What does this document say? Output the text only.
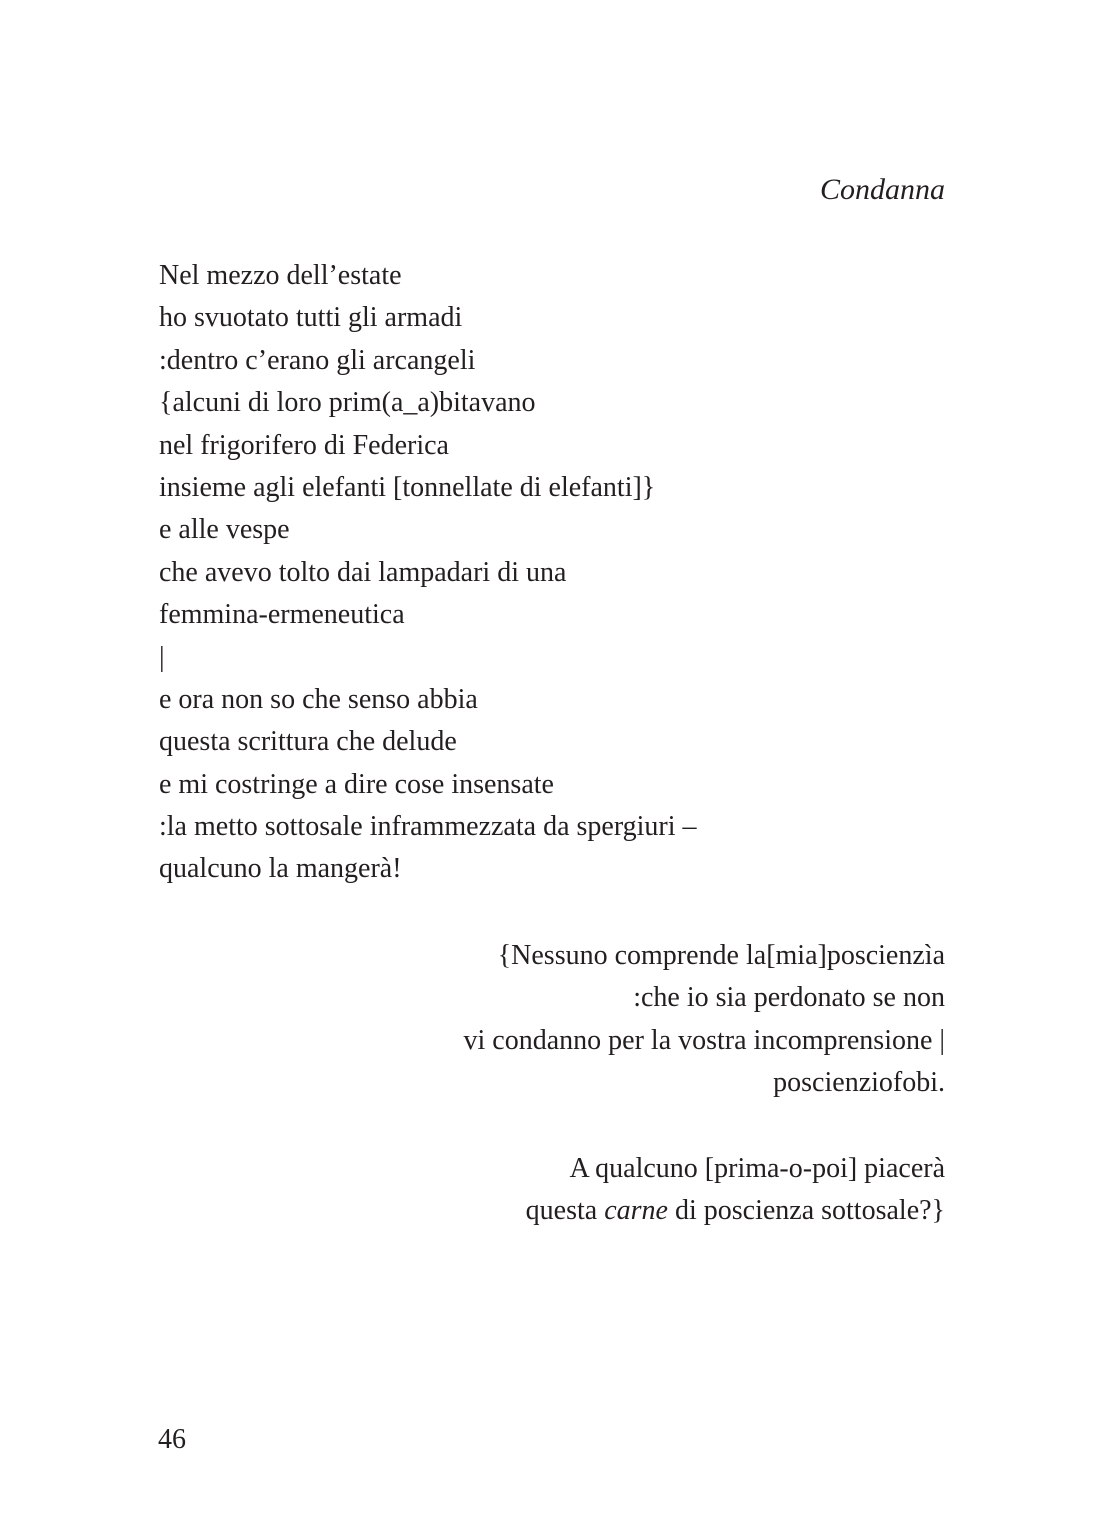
Condanna
Nel mezzo dell’estate
ho svuotato tutti gli armadi
:dentro c’erano gli arcangeli
{alcuni di loro prim(a_a)bitavano
nel frigorifero di Federica
insieme agli elefanti [tonnellate di elefanti]}
e alle vespe
che avevo tolto dai lampadari di una
femmina-ermeneutica
|
e ora non so che senso abbia
questa scrittura che delude
e mi costringe a dire cose insensate
:la metto sottosale inframmezzata da spergiuri –
qualcuno la mangerà!
{Nessuno comprende la[mia]poscienzìa
:che io sia perdonato se non
vi condanno per la vostra incomprensione |
poscienziofobi.
A qualcuno [prima-o-poi] piacerà
questa carne di poscienza sottosale?}
46
